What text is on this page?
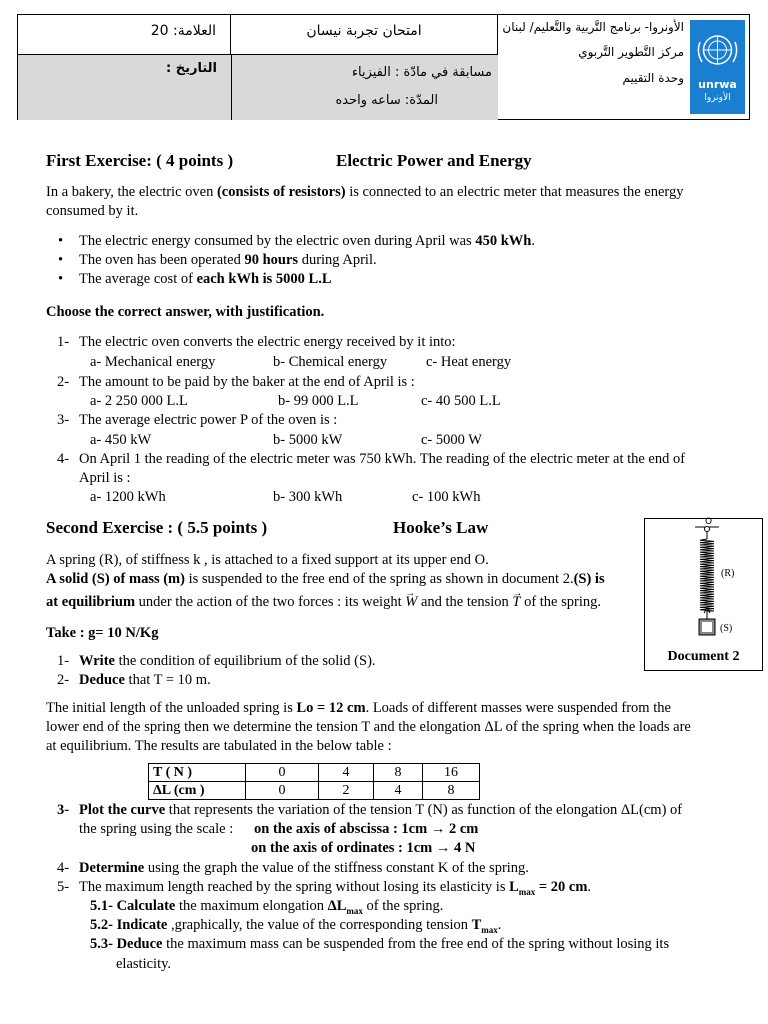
العلامة: 20	امتحان تجربة نيسان
التاريخ :	مسابقة في مادّة : الفيزياء
المدّة: ساعه واحده
الأونروا- برنامج التَّربية والتَّعليم/ لبنان
مركز التَّطوير التَّربوي
وحدة التقييم	unrwa
الأونروا
First Exercise: ( 4 points )	Electric Power and Energy
In a bakery, the electric oven (consists of resistors) is connected to an electric meter that measures the energy
consumed by it.
• The electric energy consumed by the electric oven during April was 450 kWh.
• The oven has been operated 90 hours during April.
• The average cost of each kWh is 5000 L.L
Choose the correct answer, with justification.
1- The electric oven converts the electric energy received by it into:
a- Mechanical energy	b- Chemical energy	c- Heat energy
2- The amount to be paid by the baker at the end of April is :
a- 2 250 000 L.L	b- 99 000 L.L	c- 40 500 L.L
3- The average electric power P of the oven is :
a- 450 kW	b- 5000 kW	c- 5000 W
4- On April 1 the reading of the electric meter was 750 kWh. The reading of the electric meter at the end of
April is :
a- 1200 kWh	b- 300 kWh	c- 100 kWh
Second Exercise : ( 5.5 points )	Hooke’s Law
A spring (R), of stiffness k , is attached to a fixed support at its upper end O.
A solid (S) of mass (m) is suspended to the free end of the spring as shown in document 2.(S) is
at equilibrium under the action of the two forces : its weight → W and the tension → T of the spring.
Take : g= 10 N/Kg
1- Write the condition of equilibrium of the solid (S).
2- Deduce that T = 10 m.
O
(R)
(S)
Document 2
The initial length of the unloaded spring is Lo = 12 cm. Loads of different masses were suspended from the
lower end of the spring then we determine the tension T and the elongation ΔL of the spring when the loads are
at equilibrium. The results are tabulated in the below table :
T ( N )	0	4	8	16
ΔL (cm )	0	2	4	8
3- Plot the curve that represents the variation of the tension T (N) as function of the elongation ΔL(cm) of
the spring using the scale : on the axis of abscissa : 1cm → 2 cm
on the axis of ordinates : 1cm → 4 N
4- Determine using the graph the value of the stiffness constant K of the spring.
5- The maximum length reached by the spring without losing its elasticity is $L_{max} = 20$ cm.
5.1- Calculate the maximum elongation $\Delta L_{max}$ of the spring.
5.2- Indicate ,graphically, the value of the corresponding tension $T_{max}$.
5.3- Deduce the maximum mass can be suspended from the free end of the spring without losing its
elasticity.
